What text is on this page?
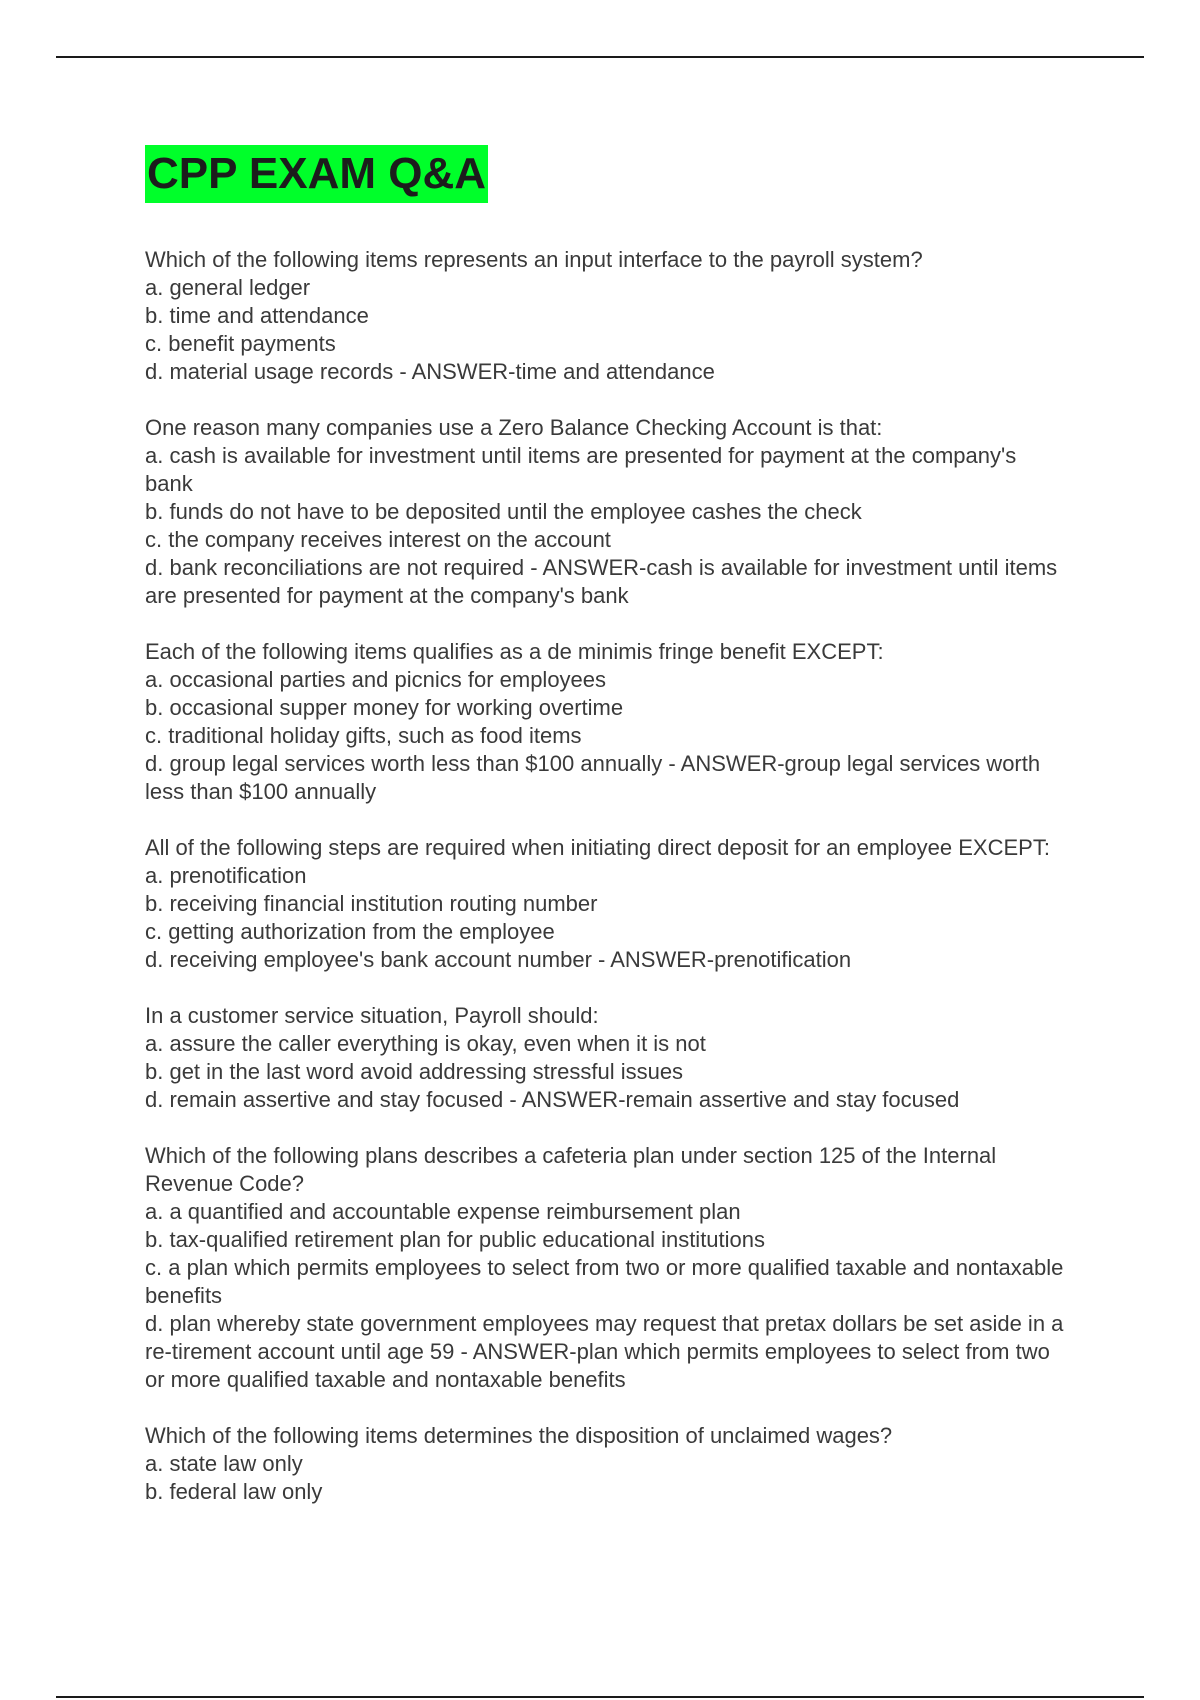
CPP EXAM Q&A

Which of the following items represents an input interface to the payroll system?

a. general ledger

b. time and attendance

c. benefit payments

d. material usage records - ANSWER-time and attendance

One reason many companies use a Zero Balance Checking Account is that:

a. cash is available for investment until items are presented for payment at the company's bank

b. funds do not have to be deposited until the employee cashes the check

c. the company receives interest on the account

d. bank reconciliations are not required - ANSWER-cash is available for investment until items are presented for payment at the company's bank

Each of the following items qualifies as a de minimis fringe benefit EXCEPT:

a. occasional parties and picnics for employees

b. occasional supper money for working overtime

c. traditional holiday gifts, such as food items

d. group legal services worth less than $100 annually - ANSWER-group legal services worth less than $100 annually

All of the following steps are required when initiating direct deposit for an employee EXCEPT:

a. prenotification

b. receiving financial institution routing number

c. getting authorization from the employee

d. receiving employee's bank account number - ANSWER-prenotification

In a customer service situation, Payroll should:

a. assure the caller everything is okay, even when it is not

b. get in the last word avoid addressing stressful issues

d. remain assertive and stay focused - ANSWER-remain assertive and stay focused

Which of the following plans describes a cafeteria plan under section 125 of the Internal Revenue Code?

a. a quantified and accountable expense reimbursement plan

b. tax-qualified retirement plan for public educational institutions

c. a plan which permits employees to select from two or more qualified taxable and nontaxable benefits

d. plan whereby state government employees may request that pretax dollars be set aside in a re-tirement account until age 59 - ANSWER-plan which permits employees to select from two or more qualified taxable and nontaxable benefits

Which of the following items determines the disposition of unclaimed wages?

a. state law only

b. federal law only
